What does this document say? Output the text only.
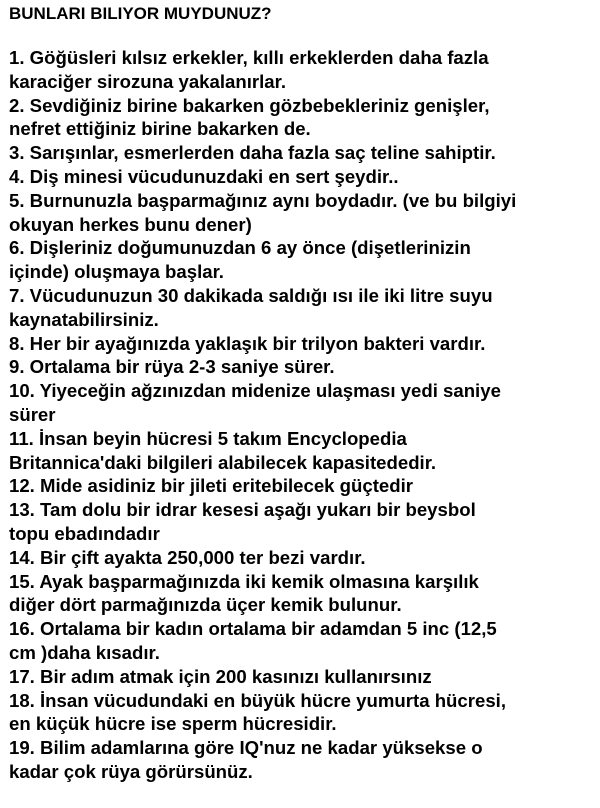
BUNLARI BILIYOR MUYDUNUZ?
1. Göğüsleri kılsız erkekler, kıllı erkeklerden daha fazla
karaciğer sirozuna yakalanırlar.
2. Sevdiğiniz birine bakarken gözbebekleriniz genişler,
nefret ettiğiniz birine bakarken de.
3. Sarışınlar, esmerlerden daha fazla saç teline sahiptir.
4. Diş minesi vücudunuzdaki en sert şeydir..
5. Burnunuzla başparmağınız aynı boydadır. (ve bu bilgiyi
okuyan herkes bunu dener)
6. Dişleriniz doğumunuzdan 6 ay önce (dişetlerinizin
içinde) oluşmaya başlar.
7. Vücudunuzun 30 dakikada saldığı ısı ile iki litre suyu
kaynatabilirsiniz.
8. Her bir ayağınızda yaklaşık bir trilyon bakteri vardır.
9. Ortalama bir rüya 2-3 saniye sürer.
10. Yiyeceğin ağzınızdan midenize ulaşması yedi saniye
sürer
11. İnsan beyin hücresi 5 takım Encyclopedia
Britannica'daki bilgileri alabilecek kapasitededir.
12. Mide asidiniz bir jileti eritebilecek güçtedir
13. Tam dolu bir idrar kesesi aşağı yukarı bir beysbol
topu ebadındadır
14. Bir çift ayakta 250,000 ter bezi vardır.
15. Ayak başparmağınızda iki kemik olmasına karşılık
diğer dört parmağınızda üçer kemik bulunur.
16. Ortalama bir kadın ortalama bir adamdan 5 inc (12,5
cm )daha kısadır.
17. Bir adım atmak için 200 kasınızı kullanırsınız
18. İnsan vücudundaki en büyük hücre yumurta hücresi,
en küçük hücre ise sperm hücresidir.
19. Bilim adamlarına göre IQ'nuz ne kadar yüksekse o
kadar çok rüya görürsünüz.
